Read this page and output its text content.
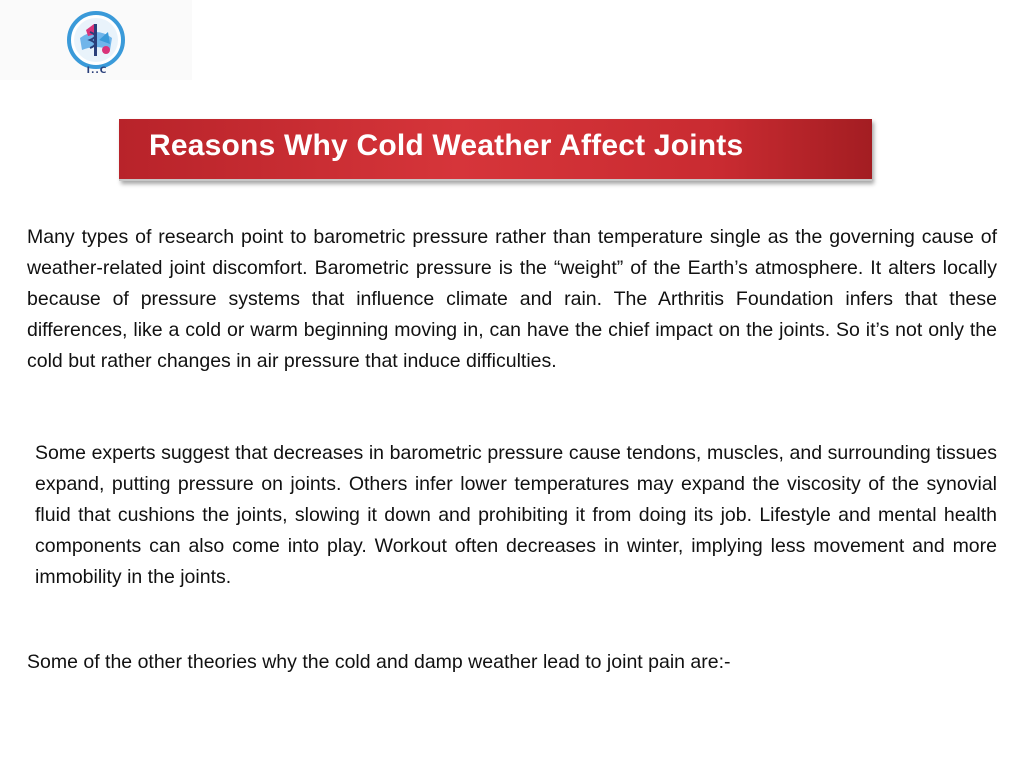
I..C
Reasons Why Cold Weather Affect Joints

Many types of research point to barometric pressure rather than temperature single as the governing cause of weather-related joint discomfort. Barometric pressure is the “weight” of the Earth’s atmosphere. It alters locally because of pressure systems that influence climate and rain. The Arthritis Foundation infers that these differences, like a cold or warm beginning moving in, can have the chief impact on the joints. So it’s not only the cold but rather changes in air pressure that induce difficulties.

Some experts suggest that decreases in barometric pressure cause tendons, muscles, and surrounding tissues expand, putting pressure on joints. Others infer lower temperatures may expand the viscosity of the synovial fluid that cushions the joints, slowing it down and prohibiting it from doing its job. Lifestyle and mental health components can also come into play. Workout often decreases in winter, implying less movement and more immobility in the joints.

Some of the other theories why the cold and damp weather lead to joint pain are:-
